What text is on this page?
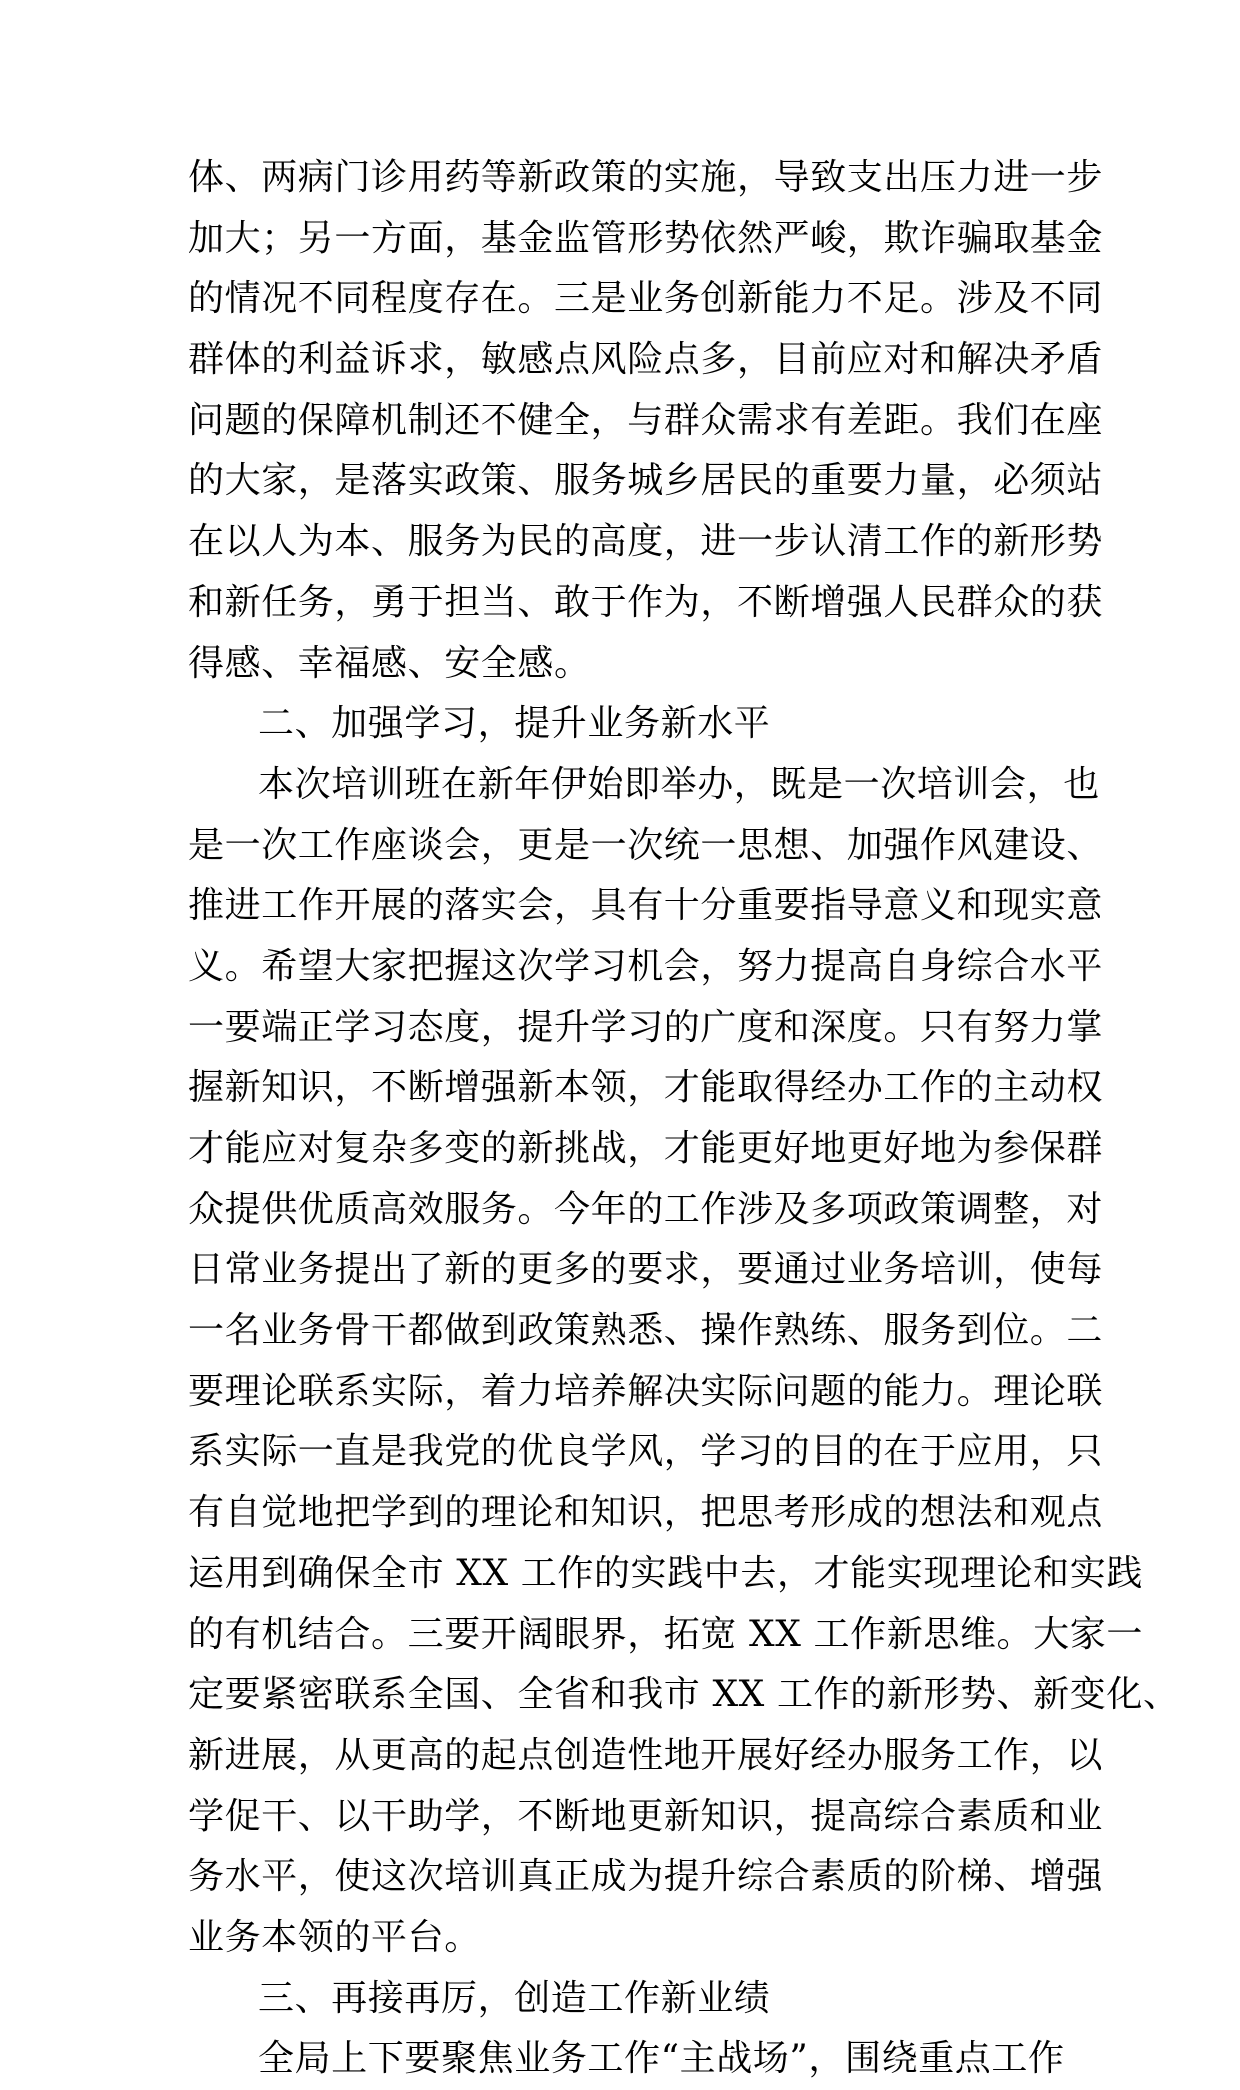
体、两病门诊用药等新政策的实施，导致支出压力进一步
加大；另一方面，基金监管形势依然严峻，欺诈骗取基金
的情况不同程度存在。三是业务创新能力不足。涉及不同
群体的利益诉求，敏感点风险点多，目前应对和解决矛盾
问题的保障机制还不健全，与群众需求有差距。我们在座
的大家，是落实政策、服务城乡居民的重要力量，必须站
在以人为本、服务为民的高度，进一步认清工作的新形势
和新任务，勇于担当、敢于作为，不断增强人民群众的获
得感、幸福感、安全感。
二、加强学习，提升业务新水平
本次培训班在新年伊始即举办，既是一次培训会，也
是一次工作座谈会，更是一次统一思想、加强作风建设、
推进工作开展的落实会，具有十分重要指导意义和现实意
义。希望大家把握这次学习机会，努力提高自身综合水平
一要端正学习态度，提升学习的广度和深度。只有努力掌
握新知识，不断增强新本领，才能取得经办工作的主动权
才能应对复杂多变的新挑战，才能更好地更好地为参保群
众提供优质高效服务。今年的工作涉及多项政策调整，对
日常业务提出了新的更多的要求，要通过业务培训，使每
一名业务骨干都做到政策熟悉、操作熟练、服务到位。二
要理论联系实际，着力培养解决实际问题的能力。理论联
系实际一直是我党的优良学风，学习的目的在于应用，只
有自觉地把学到的理论和知识，把思考形成的想法和观点
运用到确保全市 XX 工作的实践中去，才能实现理论和实践
的有机结合。三要开阔眼界，拓宽 XX 工作新思维。大家一
定要紧密联系全国、全省和我市 XX 工作的新形势、新变化、
新进展，从更高的起点创造性地开展好经办服务工作，以
学促干、以干助学，不断地更新知识，提高综合素质和业
务水平，使这次培训真正成为提升综合素质的阶梯、增强
业务本领的平台。
三、再接再厉，创造工作新业绩
全局上下要聚焦业务工作“主战场”，围绕重点工作
